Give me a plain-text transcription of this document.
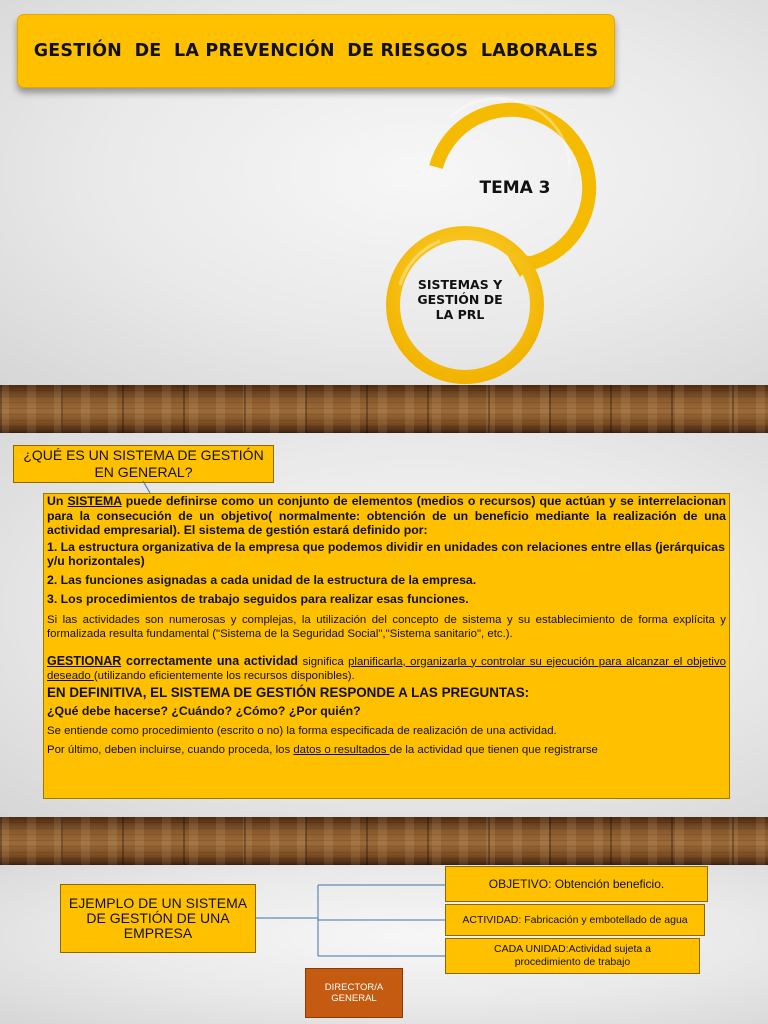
GESTIÓN  DE  LA PREVENCIÓN  DE RIESGOS  LABORALES
TEMA 3
SISTEMAS Y
GESTIÓN DE
LA PRL
¿QUÉ ES UN SISTEMA DE GESTIÓN EN GENERAL?

Un SISTEMA puede definirse como un conjunto de elementos (medios o recursos) que actúan y se interrelacionan para la consecución de un objetivo( normalmente: obtención de un beneficio mediante la realización de una actividad empresarial). El sistema de gestión estará definido por:

1. La estructura organizativa de la empresa que podemos dividir en unidades con relaciones entre ellas (jerárquicas y/u horizontales)

2. Las funciones asignadas a cada unidad de la estructura de la empresa.

3. Los procedimientos de trabajo seguidos para realizar esas funciones.

Si las actividades son numerosas y complejas, la utilización del concepto de sistema y su establecimiento de forma explícita y formalizada resulta fundamental ("Sistema de la Seguridad Social","Sistema sanitario", etc.).

GESTIONAR correctamente una actividad significa planificarla, organizarla y controlar su ejecución para alcanzar el objetivo deseado (utilizando eficientemente los recursos disponibles).

EN DEFINITIVA, EL SISTEMA DE GESTIÓN RESPONDE A LAS PREGUNTAS:

¿Qué debe hacerse? ¿Cuándo? ¿Cómo? ¿Por quién?

Se entiende como procedimiento (escrito o no) la forma especificada de realización de una actividad.

Por último, deben incluirse, cuando proceda, los datos o resultados de la actividad que tienen que registrarse

EJEMPLO DE UN SISTEMA DE GESTIÓN DE UNA EMPRESA
OBJETIVO: Obtención beneficio.
ACTIVIDAD: Fabricación y embotellado de agua
CADA UNIDAD:Actividad sujeta a
procedimiento de trabajo
DIRECTOR/A
GENERAL
